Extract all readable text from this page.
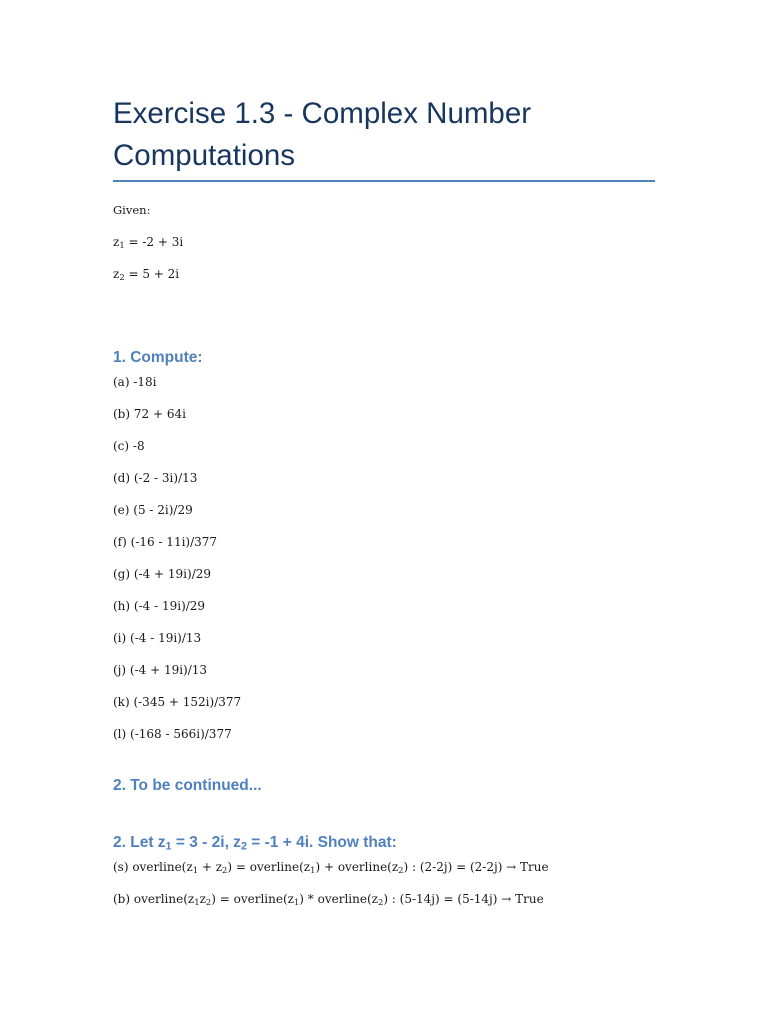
Exercise 1.3 - Complex Number Computations

Given:

$z_1 = -2 + 3i$

$z_2 = 5 + 2i$

1. Compute:

(a) -18i

(b) 72 + 64i

(c) -8

(d) (-2 - 3i)/13

(e) (5 - 2i)/29

(f) (-16 - 11i)/377

(g) (-4 + 19i)/29

(h) (-4 - 19i)/29

(i) (-4 - 19i)/13

(j) (-4 + 19i)/13

(k) (-345 + 152i)/377

(l) (-168 - 566i)/377

2. To be continued...
2. Let $z_1 = 3 - 2i$, $z_2 = -1 + 4i$. Show that:

(s) $overline(z_1 + z_2)$ = $overline(z_1)$ + $overline(z_2)$ : (2-2j) = (2-2j) → True

(b) $overline(z_1z_2)$ = $overline(z_1)$ * $overline(z_2)$ : (5-14j) = (5-14j) → True
